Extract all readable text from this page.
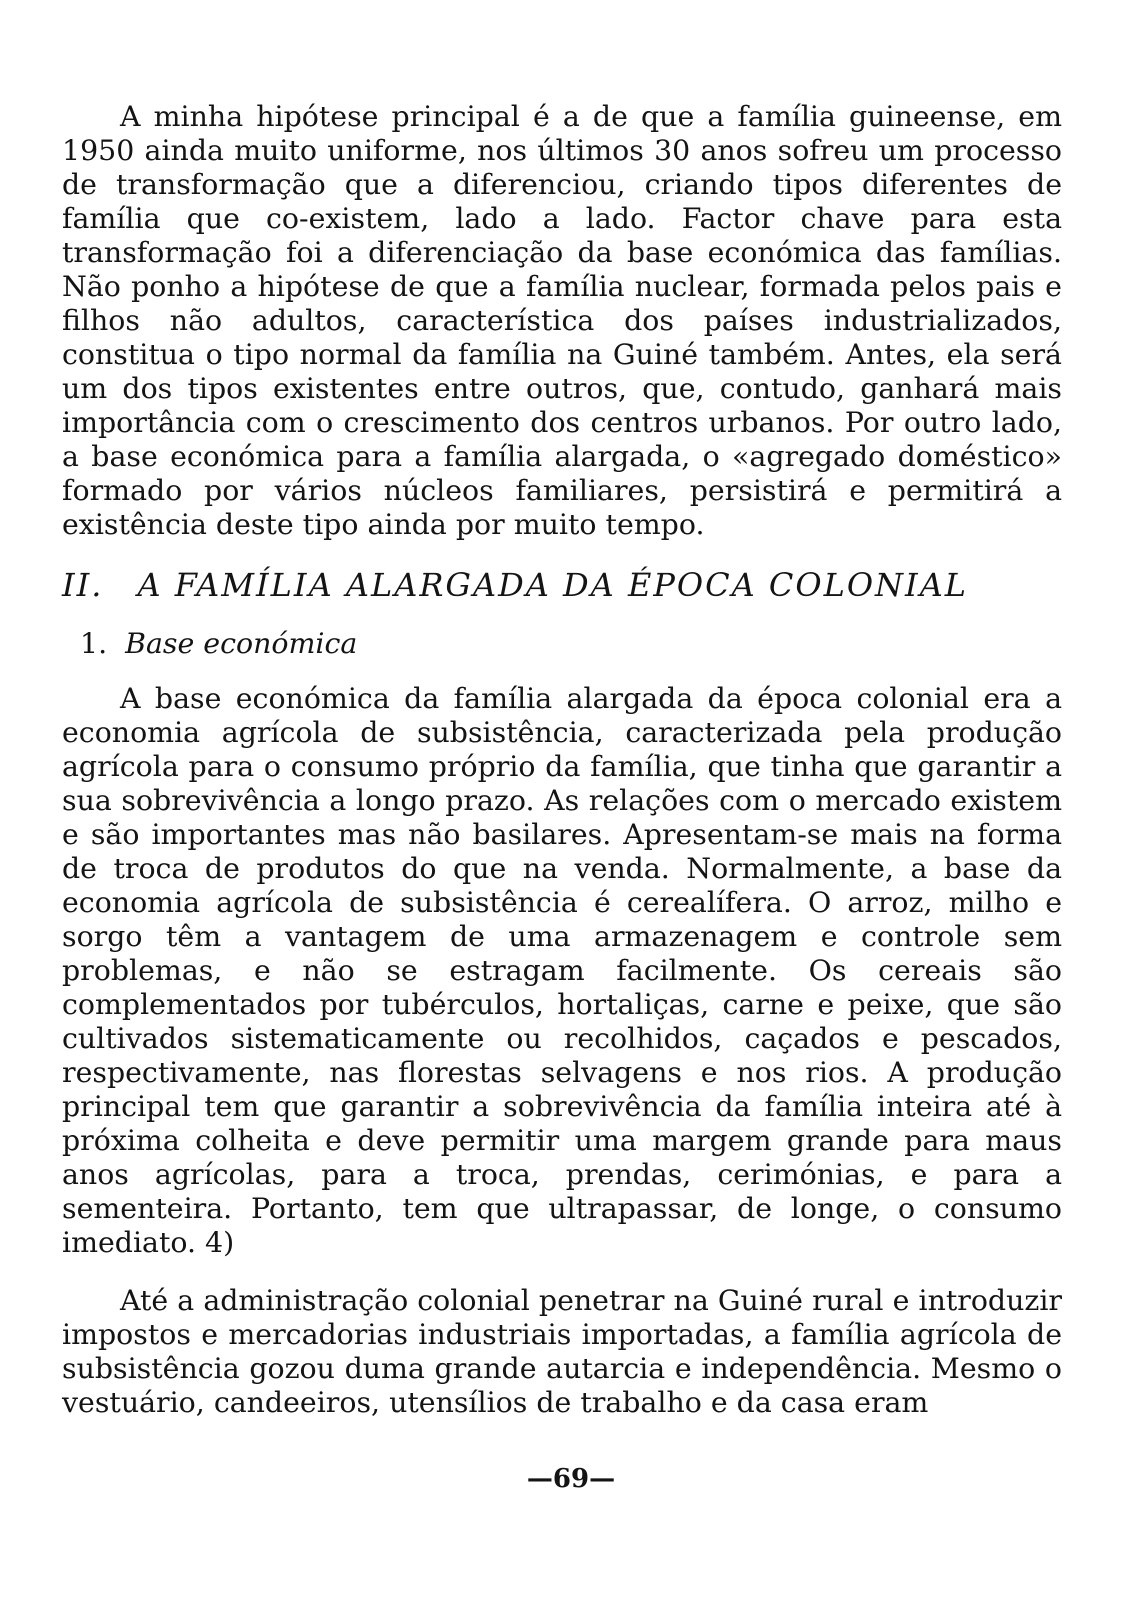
A minha hipótese principal é a de que a família guineense, em 1950 ainda muito uniforme, nos últimos 30 anos sofreu um processo de transformação que a diferenciou, criando tipos diferentes de família que co-existem, lado a lado. Factor chave para esta transformação foi a diferenciação da base económica das famílias. Não ponho a hipótese de que a família nuclear, formada pelos pais e filhos não adultos, característica dos países industrializados, constitua o tipo normal da família na Guiné também. Antes, ela será um dos tipos existentes entre outros, que, contudo, ganhará mais importância com o crescimento dos centros urbanos. Por outro lado, a base económica para a família alargada, o «agregado doméstico» formado por vários núcleos familiares, persistirá e permitirá a existência deste tipo ainda por muito tempo.

II. A FAMÍLIA ALARGADA DA ÉPOCA COLONIAL
1. Base económica

A base económica da família alargada da época colonial era a economia agrícola de subsistência, caracterizada pela produção agrícola para o consumo próprio da família, que tinha que garantir a sua sobrevivência a longo prazo. As relações com o mercado existem e são importantes mas não basilares. Apresentam-se mais na forma de troca de produtos do que na venda. Normalmente, a base da economia agrícola de subsistência é cerealífera. O arroz, milho e sorgo têm a vantagem de uma armazenagem e controle sem problemas, e não se estragam facilmente. Os cereais são complementados por tubérculos, hortaliças, carne e peixe, que são cultivados sistematicamente ou recolhidos, caçados e pescados, respectivamente, nas florestas selvagens e nos rios. A produção principal tem que garantir a sobrevivência da família inteira até à próxima colheita e deve permitir uma margem grande para maus anos agrícolas, para a troca, prendas, cerimónias, e para a sementeira. Portanto, tem que ultrapassar, de longe, o consumo imediato. 4)

Até a administração colonial penetrar na Guiné rural e introduzir impostos e mercadorias industriais importadas, a família agrícola de subsistência gozou duma grande autarcia e independência. Mesmo o vestuário, candeeiros, utensílios de trabalho e da casa eram

—69—
